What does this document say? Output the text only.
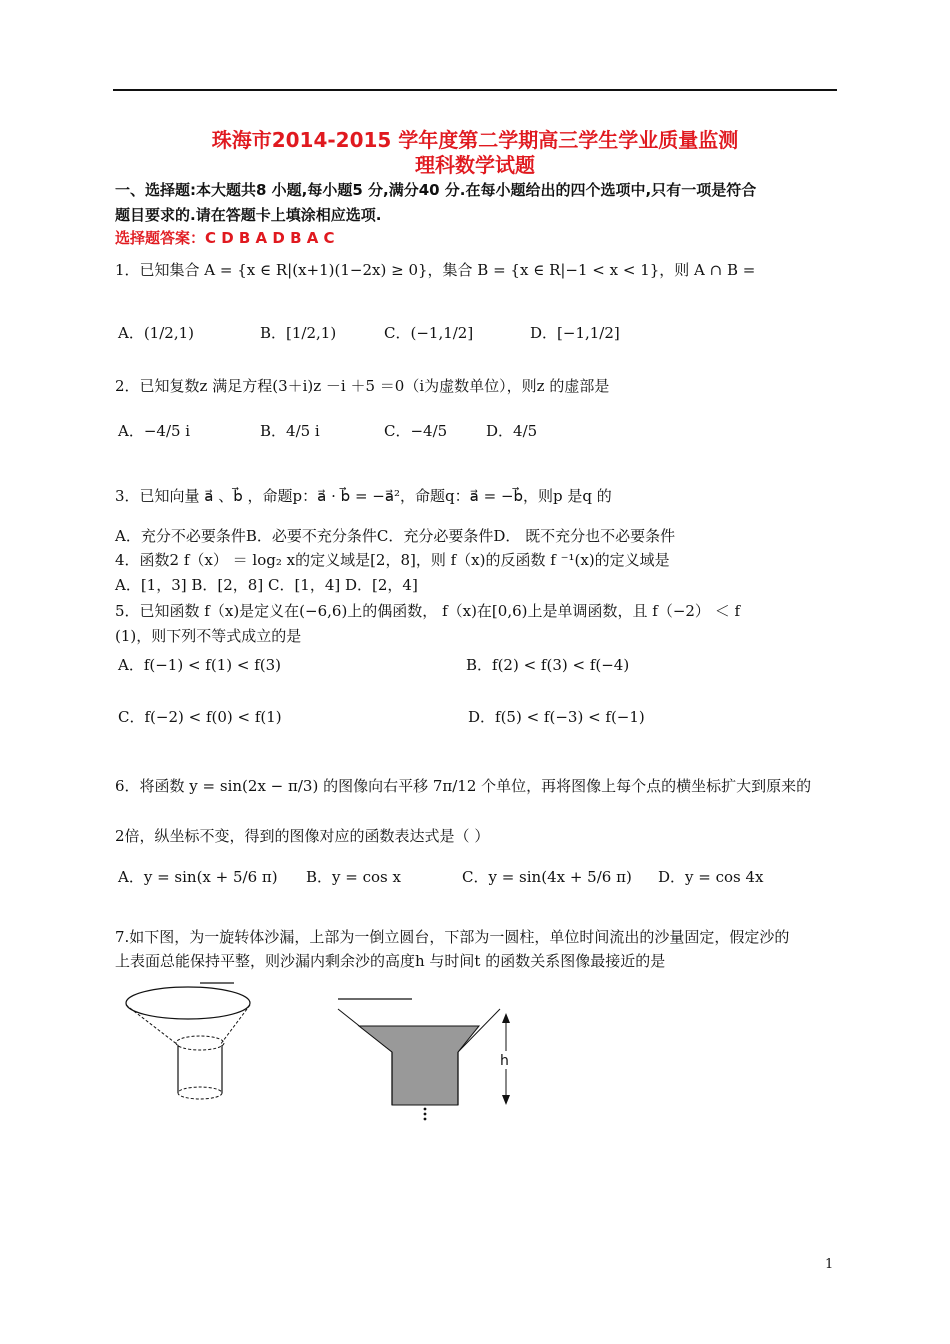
珠海市2014-2015 学年度第二学期高三学生学业质量监测
理科数学试题
一、选择题:本大题共8 小题,每小题5 分,满分40 分.在每小题给出的四个选项中,只有一项是符合
题目要求的.请在答题卡上填涂相应选项.
选择题答案：C D B A D B A C
1．已知集合 A = {x ∈ R|(x+1)(1−2x) ≥ 0}，集合 B = {x ∈ R|−1 < x < 1}，则 A ∩ B =
A．(1/2,1)	B．[1/2,1)	C．(−1,1/2]	D．[−1,1/2]
2．已知复数z 满足方程(3＋i)z －i ＋5 ＝0（i为虚数单位），则z 的虚部是
A．−4/5 i	B．4/5 i	C．−4/5	D．4/5
3．已知向量 a⃗ 、b⃗ ，命题p：a⃗ · b⃗ = −a⃗²，命题q：a⃗ = −b⃗，则p 是q 的
A．充分不必要条件B．必要不充分条件C．充分必要条件D． 既不充分也不必要条件
4．函数2 f（x） ＝ log₂ x的定义域是[2，8]，则 f（x)的反函数 f ⁻¹(x)的定义域是
A．[1，3] B．[2，8] C．[1，4] D．[2，4]
5．已知函数 f（x)是定义在(−6,6)上的偶函数， f（x)在[0,6)上是单调函数，且 f（−2） ＜ f
(1)，则下列不等式成立的是
A．f(−1) < f(1) < f(3)	B．f(2) < f(3) < f(−4)
C．f(−2) < f(0) < f(1)	D．f(5) < f(−3) < f(−1)
6．将函数 y = sin(2x − π/3) 的图像向右平移 7π/12 个单位，再将图像上每个点的横坐标扩大到原来的
2倍，纵坐标不变，得到的图像对应的函数表达式是（ ）
A．y = sin(x + 5/6 π) B．y = cos x	C．y = sin(4x + 5/6 π) D．y = cos 4x
7.如下图，为一旋转体沙漏，上部为一倒立圆台，下部为一圆柱，单位时间流出的沙量固定，假定沙的
上表面总能保持平整，则沙漏内剩余沙的高度h 与时间t 的函数关系图像最接近的是
h
1
